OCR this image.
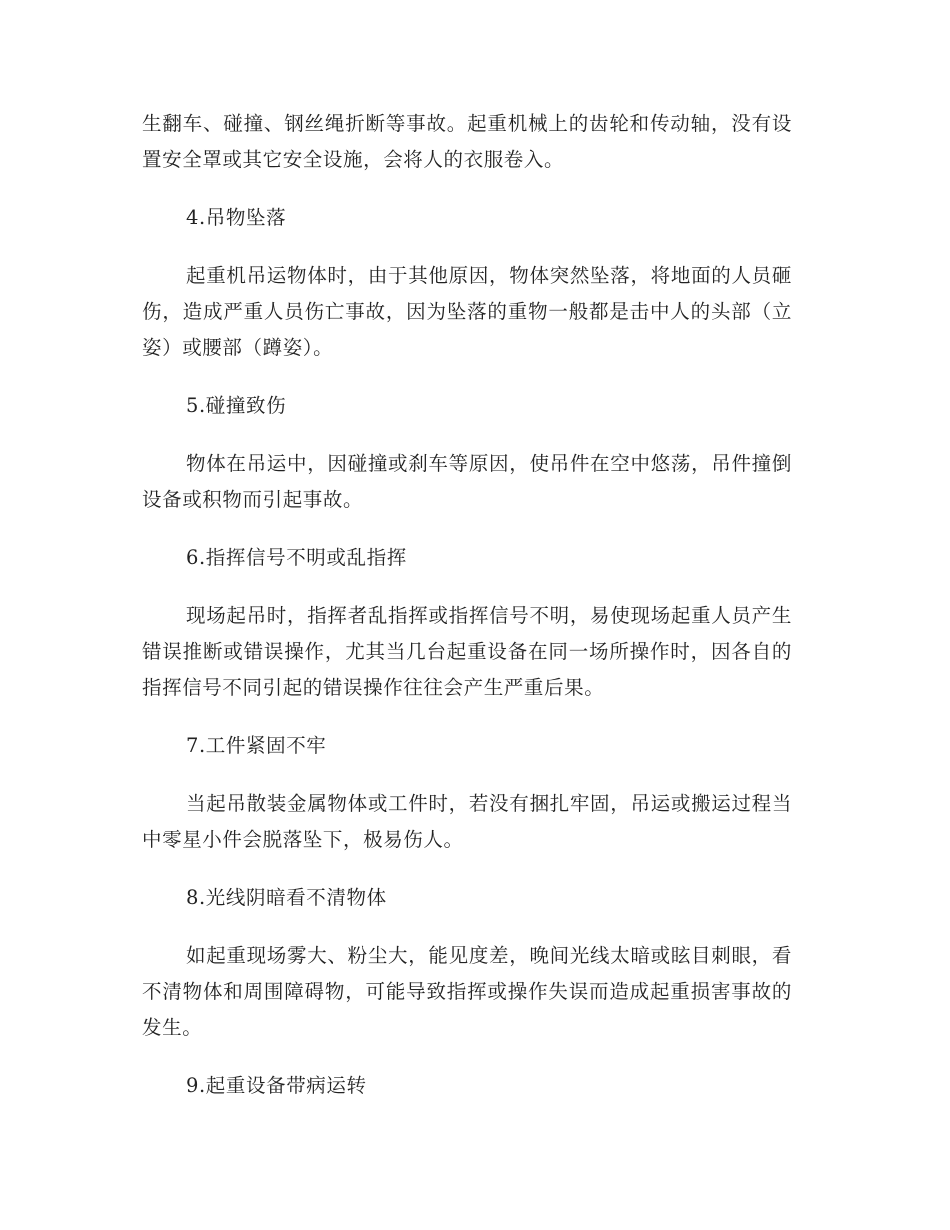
生翻车、碰撞、钢丝绳折断等事故。起重机械上的齿轮和传动轴，没有设置安全罩或其它安全设施，会将人的衣服卷入。

4.吊物坠落

起重机吊运物体时，由于其他原因，物体突然坠落，将地面的人员砸伤，造成严重人员伤亡事故，因为坠落的重物一般都是击中人的头部（立姿）或腰部（蹲姿）。

5.碰撞致伤

物体在吊运中，因碰撞或刹车等原因，使吊件在空中悠荡，吊件撞倒设备或积物而引起事故。

6.指挥信号不明或乱指挥

现场起吊时，指挥者乱指挥或指挥信号不明，易使现场起重人员产生错误推断或错误操作，尤其当几台起重设备在同一场所操作时，因各自的指挥信号不同引起的错误操作往往会产生严重后果。

7.工件紧固不牢

当起吊散装金属物体或工件时，若没有捆扎牢固，吊运或搬运过程当中零星小件会脱落坠下，极易伤人。

8.光线阴暗看不清物体

如起重现场雾大、粉尘大，能见度差，晚间光线太暗或眩目刺眼，看不清物体和周围障碍物，可能导致指挥或操作失误而造成起重损害事故的发生。

9.起重设备带病运转
